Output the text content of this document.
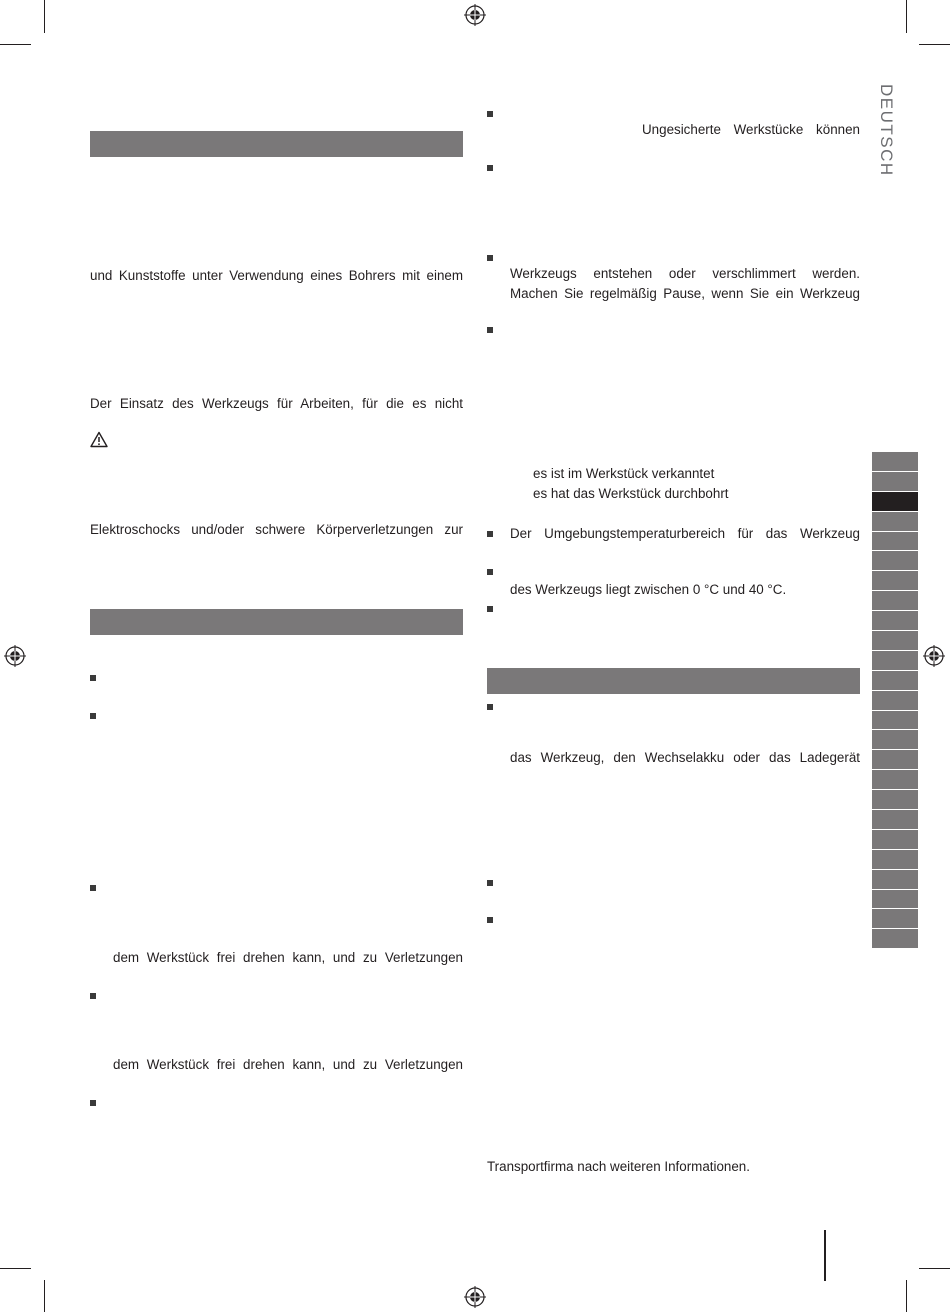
DEUTSCH
und Kunststoffe unter Verwendung eines Bohrers mit einem
Der Einsatz des Werkzeugs für Arbeiten, für die es nicht
Elektroschocks und/oder schwere Körperverletzungen zur
dem Werkstück frei drehen kann, und zu Verletzungen
dem Werkstück frei drehen kann, und zu Verletzungen
Ungesicherte Werkstücke können
Werkzeugs entstehen oder verschlimmert werden.
Machen Sie regelmäßig Pause, wenn Sie ein Werkzeug
es ist im Werkstück verkanntet
es hat das Werkstück durchbohrt
Der Umgebungstemperaturbereich für das Werkzeug
des Werkzeugs liegt zwischen 0 °C und 40 °C.
das Werkzeug, den Wechselakku oder das Ladegerät
Transportfirma nach weiteren Informationen.
